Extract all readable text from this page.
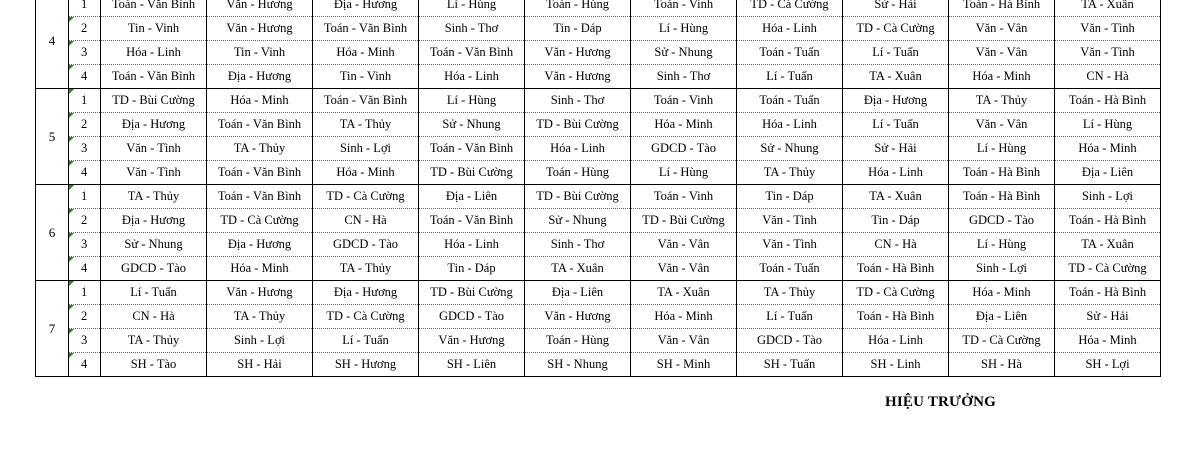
4	1	Toán - Văn Bình	Văn - Hương	Địa - Hương	Lí - Hùng	Toán - Hùng	Toán - Vinh	TD - Cà Cường	Sử - Hải	Toán - Hà Bình	TA - Xuân
	2	Tin - Vinh	Văn - Hương	Toán - Văn Bình	Sinh - Thơ	Tin - Dáp	Lí - Hùng	Hóa - Linh	TD - Cà Cường	Văn - Vân	Văn - Tình
	3	Hóa - Linh	Tin - Vinh	Hóa - Minh	Toán - Văn Bình	Văn - Hương	Sử - Nhung	Toán - Tuấn	Lí - Tuấn	Văn - Vân	Văn - Tình
	4	Toán - Văn Bình	Địa - Hương	Tin - Vinh	Hóa - Linh	Văn - Hương	Sinh - Thơ	Lí - Tuấn	TA - Xuân	Hóa - Minh	CN - Hà
5	1	TD - Bùi Cường	Hóa - Minh	Toán - Văn Bình	Lí - Hùng	Sinh - Thơ	Toán - Vinh	Toán - Tuấn	Địa - Hương	TA - Thủy	Toán - Hà Bình
	2	Địa - Hương	Toán - Văn Bình	TA - Thủy	Sử - Nhung	TD - Bùi Cường	Hóa - Minh	Hóa - Linh	Lí - Tuấn	Văn - Vân	Lí - Hùng
	3	Văn - Tình	TA - Thủy	Sinh - Lợi	Toán - Văn Bình	Hóa - Linh	GDCD - Tào	Sử - Nhung	Sử - Hải	Lí - Hùng	Hóa - Minh
	4	Văn - Tình	Toán - Văn Bình	Hóa - Minh	TD - Bùi Cường	Toán - Hùng	Lí - Hùng	TA - Thủy	Hóa - Linh	Toán - Hà Bình	Địa - Liên
6	1	TA - Thủy	Toán - Văn Bình	TD - Cà Cường	Địa - Liên	TD - Bùi Cường	Toán - Vinh	Tin - Dáp	TA - Xuân	Toán - Hà Bình	Sinh - Lợi
	2	Địa - Hương	TD - Cà Cường	CN - Hà	Toán - Văn Bình	Sử - Nhung	TD - Bùi Cường	Văn - Tình	Tin - Dáp	GDCD - Tào	Toán - Hà Bình
	3	Sử - Nhung	Địa - Hương	GDCD - Tào	Hóa - Linh	Sinh - Thơ	Văn - Vân	Văn - Tình	CN - Hà	Lí - Hùng	TA - Xuân
	4	GDCD - Tào	Hóa - Minh	TA - Thủy	Tin - Dáp	TA - Xuân	Văn - Vân	Toán - Tuấn	Toán - Hà Bình	Sinh - Lợi	TD - Cà Cường
7	1	Lí - Tuấn	Văn - Hương	Địa - Hương	TD - Bùi Cường	Địa - Liên	TA - Xuân	TA - Thủy	TD - Cà Cường	Hóa - Minh	Toán - Hà Bình
	2	CN - Hà	TA - Thủy	TD - Cà Cường	GDCD - Tào	Văn - Hương	Hóa - Minh	Lí - Tuấn	Toán - Hà Bình	Địa - Liên	Sử - Hải
	3	TA - Thủy	Sinh - Lợi	Lí - Tuấn	Văn - Hương	Toán - Hùng	Văn - Vân	GDCD - Tào	Hóa - Linh	TD - Cà Cường	Hóa - Minh
	4	SH - Tào	SH - Hải	SH - Hương	SH - Liên	SH - Nhung	SH - Minh	SH - Tuấn	SH - Linh	SH - Hà	SH - Lợi
HIỆU TRƯỞNG
